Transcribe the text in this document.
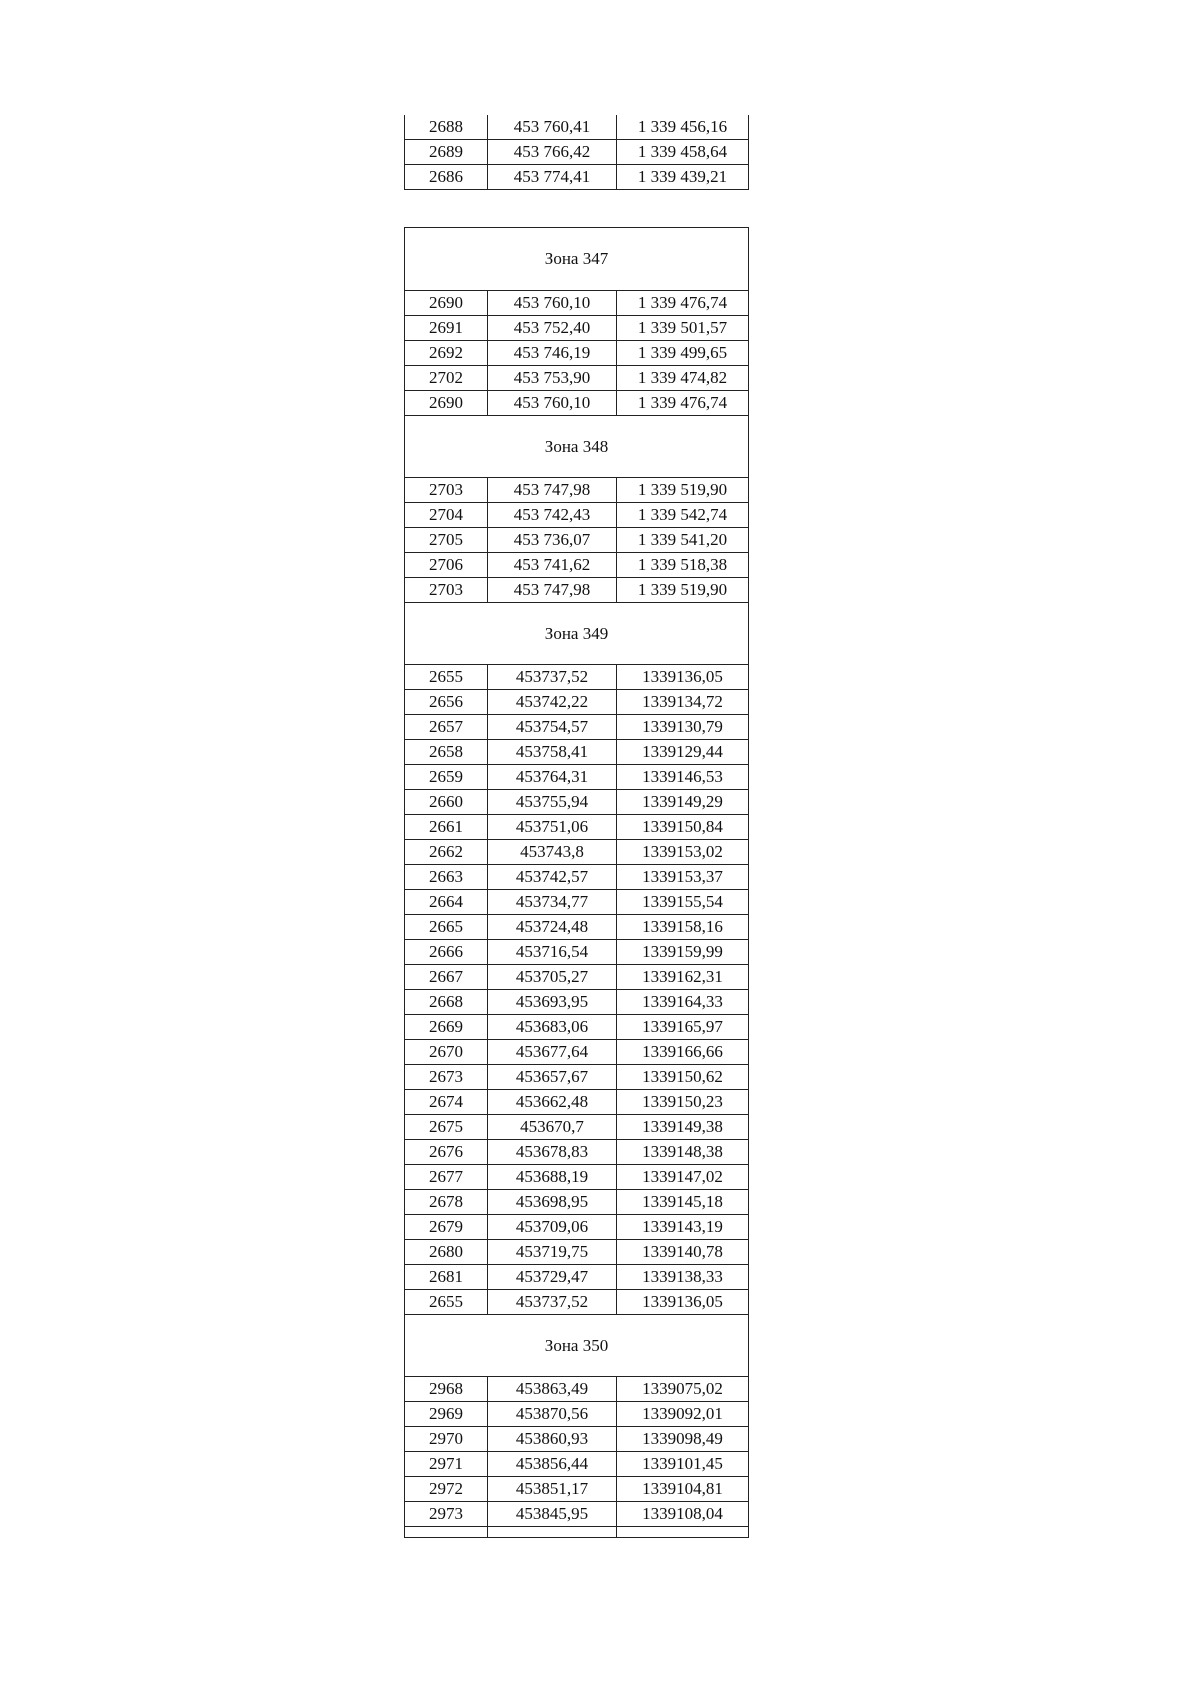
2688	453 760,41	1 339 456,16
2689	453 766,42	1 339 458,64
2686	453 774,41	1 339 439,21
Зона 347		
2690	453 760,10	1 339 476,74
2691	453 752,40	1 339 501,57
2692	453 746,19	1 339 499,65
2702	453 753,90	1 339 474,82
2690	453 760,10	1 339 476,74
Зона 348		
2703	453 747,98	1 339 519,90
2704	453 742,43	1 339 542,74
2705	453 736,07	1 339 541,20
2706	453 741,62	1 339 518,38
2703	453 747,98	1 339 519,90
Зона 349		
2655	453737,52	1339136,05
2656	453742,22	1339134,72
2657	453754,57	1339130,79
2658	453758,41	1339129,44
2659	453764,31	1339146,53
2660	453755,94	1339149,29
2661	453751,06	1339150,84
2662	453743,8	1339153,02
2663	453742,57	1339153,37
2664	453734,77	1339155,54
2665	453724,48	1339158,16
2666	453716,54	1339159,99
2667	453705,27	1339162,31
2668	453693,95	1339164,33
2669	453683,06	1339165,97
2670	453677,64	1339166,66
2673	453657,67	1339150,62
2674	453662,48	1339150,23
2675	453670,7	1339149,38
2676	453678,83	1339148,38
2677	453688,19	1339147,02
2678	453698,95	1339145,18
2679	453709,06	1339143,19
2680	453719,75	1339140,78
2681	453729,47	1339138,33
2655	453737,52	1339136,05
Зона 350		
2968	453863,49	1339075,02
2969	453870,56	1339092,01
2970	453860,93	1339098,49
2971	453856,44	1339101,45
2972	453851,17	1339104,81
2973	453845,95	1339108,04
